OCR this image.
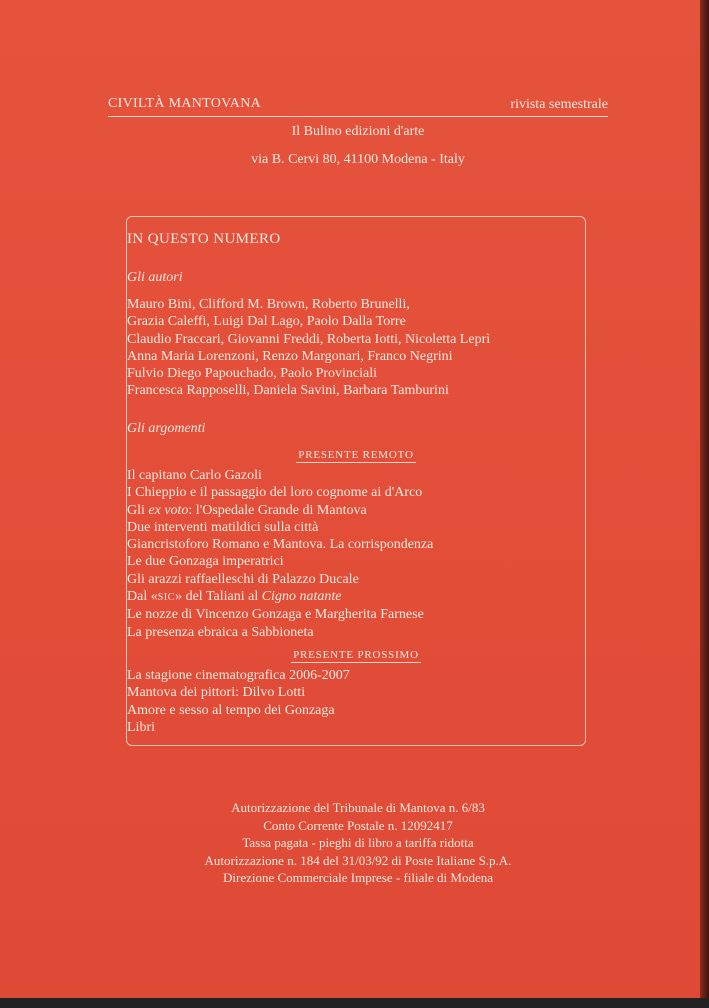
CIVILTÀ MANTOVANA	rivista semestrale
Il Bulino edizioni d'arte
via B. Cervi 80, 41100 Modena - Italy
IN QUESTO NUMERO
Gli autori
Mauro Bini, Clifford M. Brown, Roberto Brunelli,
Grazia Caleffi, Luigi Dal Lago, Paolo Dalla Torre
Claudio Fraccari, Giovanni Freddi, Roberta Iotti, Nicoletta Leprì
Anna Maria Lorenzoni, Renzo Margonari, Franco Negrini
Fulvio Diego Papouchado, Paolo Provinciali
Francesca Rapposelli, Daniela Savini, Barbara Tamburini
Gli argomenti
PRESENTE REMOTO
Il capitano Carlo Gazoli
I Chieppio e il passaggio del loro cognome ai d'Arco
Gli ex voto: l'Ospedale Grande di Mantova
Due interventi matildici sulla città
Giancristoforo Romano e Mantova. La corrispondenza
Le due Gonzaga imperatrici
Gli arazzi raffaelleschi di Palazzo Ducale
Dal «SIC» del Taliani al Cigno natante
Le nozze di Vincenzo Gonzaga e Margherita Farnese
La presenza ebraica a Sabbioneta
PRESENTE PROSSIMO
La stagione cinematografica 2006-2007
Mantova dei pittori: Dilvo Lotti
Amore e sesso al tempo dei Gonzaga
Libri
Autorizzazione del Tribunale di Mantova n. 6/83
Conto Corrente Postale n. 12092417
Tassa pagata - pieghi di libro a tariffa ridotta
Autorizzazione n. 184 del 31/03/92 di Poste Italiane S.p.A.
Direzione Commerciale Imprese - filiale di Modena
